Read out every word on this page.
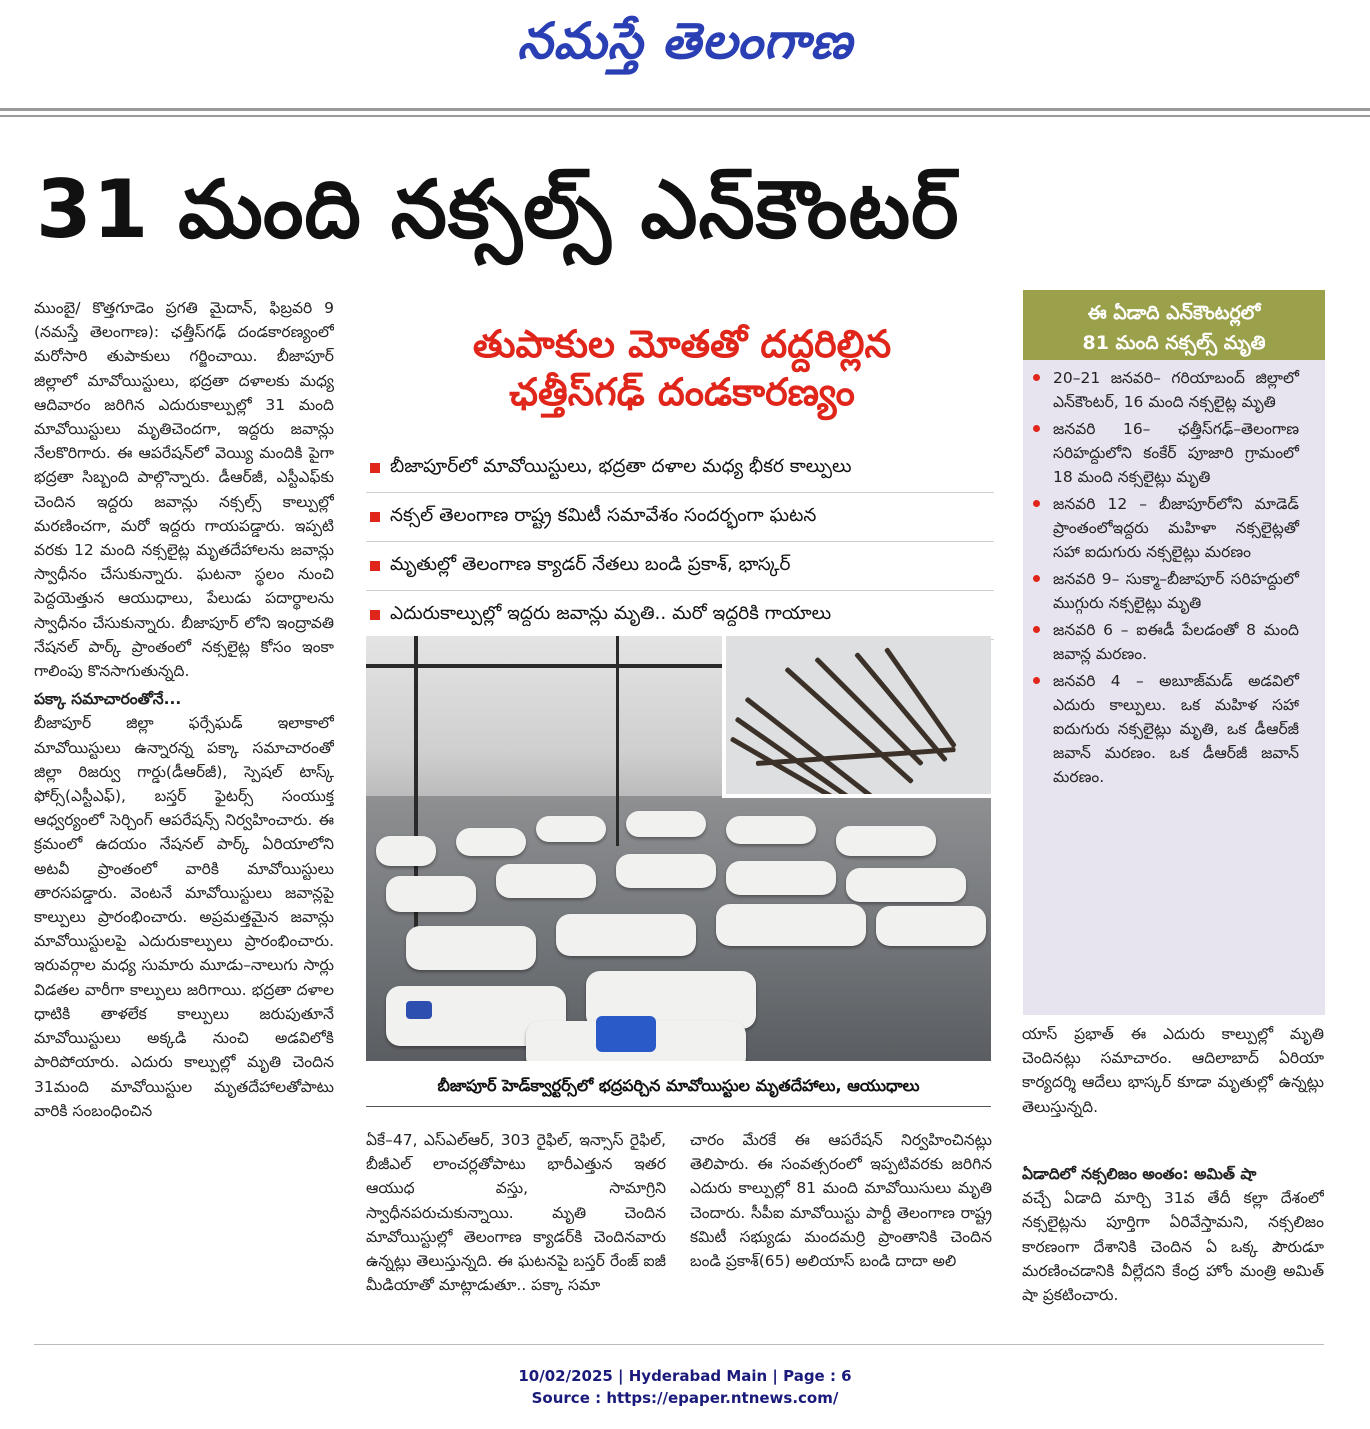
నమస్తే తెలంగాణ
31 మంది నక్సల్స్ ఎన్‌కౌంటర్

ముంబై/ కొత్తగూడెం ప్రగతి మైదాన్, ఫిబ్రవరి 9 (నమస్తే తెలంగాణ): ఛత్తీస్‌గఢ్ దండకారణ్యంలో మరోసారి తుపాకులు గర్జించాయి. బీజాపూర్ జిల్లాలో మావోయిస్టులు, భద్రతా దళాలకు మధ్య ఆదివారం జరిగిన ఎదురుకాల్పుల్లో 31 మంది మావోయిస్టులు మృతిచెందగా, ఇద్దరు జవాన్లు నేలకొరిగారు. ఈ ఆపరేషన్‌లో వెయ్యి మందికి పైగా భద్రతా సిబ్బంది పాల్గొన్నారు. డీఆర్‌జీ, ఎస్టీఎఫ్‌కు చెందిన ఇద్దరు జవాన్లు నక్సల్స్ కాల్పుల్లో మరణించగా, మరో ఇద్దరు గాయపడ్డారు. ఇప్పటి వరకు 12 మంది నక్సలైట్ల మృతదేహాలను జవాన్లు స్వాధీనం చేసుకున్నారు. ఘటనా స్థలం నుంచి పెద్దయెత్తున ఆయుధాలు, పేలుడు పదార్థాలను స్వాధీనం చేసుకున్నారు. బీజాపూర్ లోని ఇంద్రావతి నేషనల్ పార్క్ ప్రాంతంలో నక్సలైట్ల కోసం ఇంకా గాలింపు కొనసాగుతున్నది.

పక్కా సమాచారంతోనే...

బీజాపూర్ జిల్లా ఫర్సేఘడ్ ఇలాకాలో మావోయిస్టులు ఉన్నారన్న పక్కా సమాచారంతో జిల్లా రిజర్వు గార్డు(డీఆర్‌జీ), స్పెషల్ టాస్క్ ఫోర్స్(ఎస్టీఎఫ్), బస్తర్ ఫైటర్స్ సంయుక్త ఆధ్వర్యంలో సెర్చింగ్ ఆపరేషన్స్ నిర్వహించారు. ఈ క్రమంలో ఉదయం నేషనల్ పార్క్ ఏరియాలోని అటవీ ప్రాంతంలో వారికి మావోయిస్టులు తారసపడ్డారు. వెంటనే మావోయిస్టులు జవాన్లపై కాల్పులు ప్రారంభించారు. అప్రమత్తమైన జవాన్లు మావోయిస్టులపై ఎదురుకాల్పులు ప్రారంభించారు. ఇరువర్గాల మధ్య సుమారు మూడు–నాలుగు సార్లు విడతల వారీగా కాల్పులు జరిగాయి. భద్రతా దళాల ధాటికి తాళలేక కాల్పులు జరుపుతూనే మావోయిస్టులు అక్కడి నుంచి అడవిలోకి పారిపోయారు. ఎదురు కాల్పుల్లో మృతి చెందిన 31మంది మావోయిస్టుల మృతదేహాలతోపాటు వారికి సంబంధించిన

తుపాకుల మోతతో దద్దరిల్లిన
ఛత్తీస్‌గఢ్ దండకారణ్యం
బీజాపూర్‌లో మావోయిస్టులు, భద్రతా దళాల మధ్య భీకర కాల్పులు
నక్సల్ తెలంగాణ రాష్ట్ర కమిటీ సమావేశం సందర్భంగా ఘటన
మృతుల్లో తెలంగాణ క్యాడర్ నేతలు బండి ప్రకాశ్, భాస్కర్
ఎదురుకాల్పుల్లో ఇద్దరు జవాన్లు మృతి.. మరో ఇద్దరికి గాయాలు
బీజాపూర్ హెడ్‌క్వార్టర్స్‌లో భద్రపర్చిన మావోయిస్టుల మృతదేహాలు, ఆయుధాలు

ఏకే–47, ఎస్ఎల్ఆర్, 303 రైఫిల్, ఇన్సాస్ రైఫిల్, బీజీఎల్ లాంచర్లతోపాటు భారీఎత్తున ఇతర ఆయుధ వస్తు, సామాగ్రిని స్వాధీనపరుచుకున్నాయి. మృతి చెందిన మావోయిస్టుల్లో తెలంగాణ క్యాడర్‌కి చెందినవారు ఉన్నట్లు తెలుస్తున్నది. ఈ ఘటనపై బస్తర్ రేంజ్ ఐజీ మీడియాతో మాట్లాడుతూ.. పక్కా సమా

చారం మేరకే ఈ ఆపరేషన్ నిర్వహించినట్లు తెలిపారు. ఈ సంవత్సరంలో ఇప్పటివరకు జరిగిన ఎదురు కాల్పుల్లో 81 మంది మావోయిసులు మృతి చెందారు. సీపీఐ మావోయిస్టు పార్టీ తెలంగాణ రాష్ట్ర కమిటీ సభ్యుడు మందమర్రి ప్రాంతానికి చెందిన బండి ప్రకాశ్(65) అలియాస్ బండి దాదా అలి

ఈ ఏడాది ఎన్‌కౌంటర్లలో
81 మంది నక్సల్స్ మృతి
20–21 జనవరి– గరియాబంద్ జిల్లాలో ఎన్‌కౌంటర్, 16 మంది నక్సలైట్ల మృతి
జనవరి 16– ఛత్తీస్‌గఢ్–తెలంగాణ సరిహద్దులోని కంకేర్ పూజారి గ్రామంలో 18 మంది నక్సలైట్లు మృతి
జనవరి 12 – బీజాపూర్‌లోని మాడెడ్ ప్రాంతంలోఇద్దరు మహిళా నక్సలైట్లతో సహా ఐదుగురు నక్సలైట్లు మరణం
జనవరి 9– సుక్మా–బీజాపూర్ సరిహద్దులో ముగ్గురు నక్సలైట్లు మృతి
జనవరి 6 – ఐఈడీ పేలడంతో 8 మంది జవాన్ల మరణం.
జనవరి 4 – అబూజ్‌మడ్ అడవిలో ఎదురు కాల్పులు. ఒక మహిళ సహా ఐదుగురు నక్సలైట్లు మృతి, ఒక డీఆర్‌జీ జవాన్ మరణం. ఒక డీఆర్‌జీ జవాన్ మరణం.

యాస్ ప్రభాత్ ఈ ఎదురు కాల్పుల్లో మృతి చెందినట్లు సమాచారం. ఆదిలాబాద్ ఏరియా కార్యదర్శి ఆదేలు భాస్కర్ కూడా మృతుల్లో ఉన్నట్లు తెలుస్తున్నది.

ఏడాదిలో నక్సలిజం అంతం: అమిత్ షా

వచ్చే ఏడాది మార్చి 31వ తేదీ కల్లా దేశంలో నక్సలైట్లను పూర్తిగా ఏరివేస్తామని, నక్సలిజం కారణంగా దేశానికి చెందిన ఏ ఒక్క పౌరుడూ మరణించడానికి వీల్లేదని కేంద్ర హోం మంత్రి అమిత్ షా ప్రకటించారు.

10/02/2025 | Hyderabad Main | Page : 6
Source : https://epaper.ntnews.com/
